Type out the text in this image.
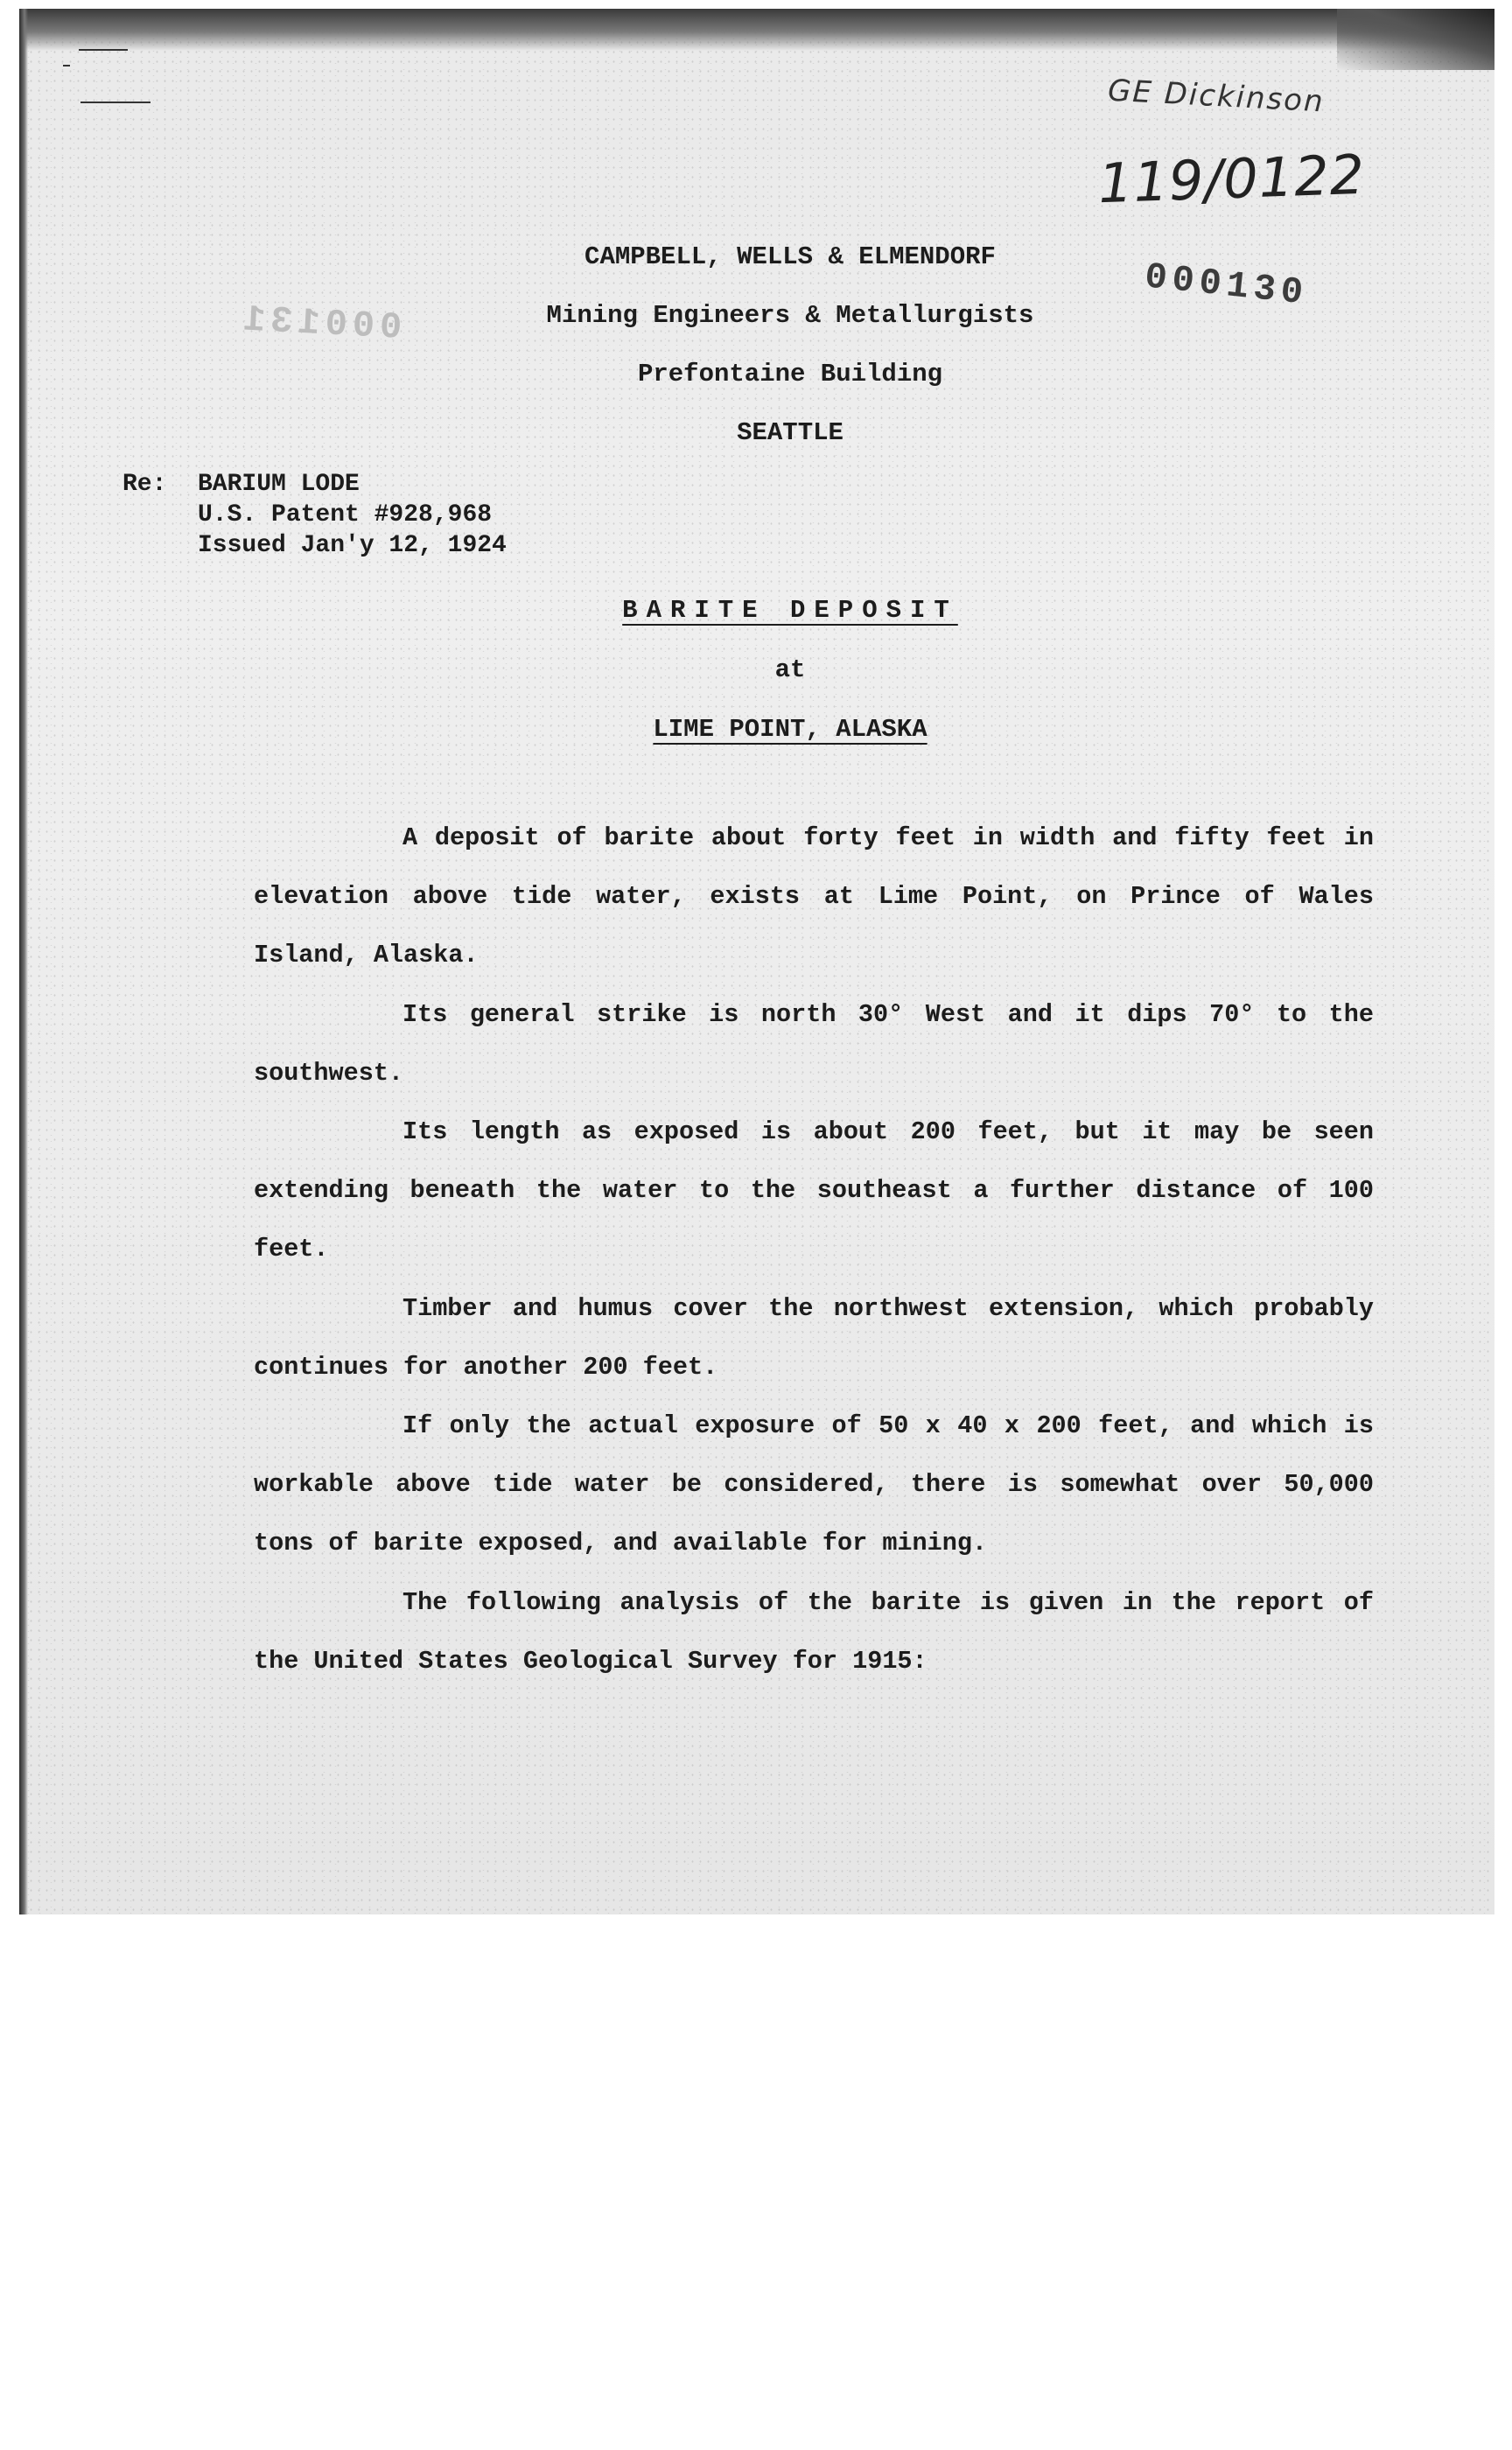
GE Dickinson
119/0122
000130
000131
CAMPBELL, WELLS & ELMENDORF
Mining Engineers & Metallurgists
Prefontaine Building
SEATTLE
Re: BARIUM LODE
U.S. Patent #928,968
Issued Jan'y 12, 1924
BARITE DEPOSIT
at
LIME POINT, ALASKA

A deposit of barite about forty feet in width and fifty feet in elevation above tide water, exists at Lime Point, on Prince of Wales Island, Alaska.

Its general strike is north 30° West and it dips 70° to the southwest.

Its length as exposed is about 200 feet, but it may be seen extending beneath the water to the southeast a further distance of 100 feet.

Timber and humus cover the northwest extension, which probably continues for another 200 feet.

If only the actual exposure of 50 x 40 x 200 feet, and which is workable above tide water be considered, there is somewhat over 50,000 tons of barite exposed, and available for mining.

The following analysis of the barite is given in the report of the United States Geological Survey for 1915:
